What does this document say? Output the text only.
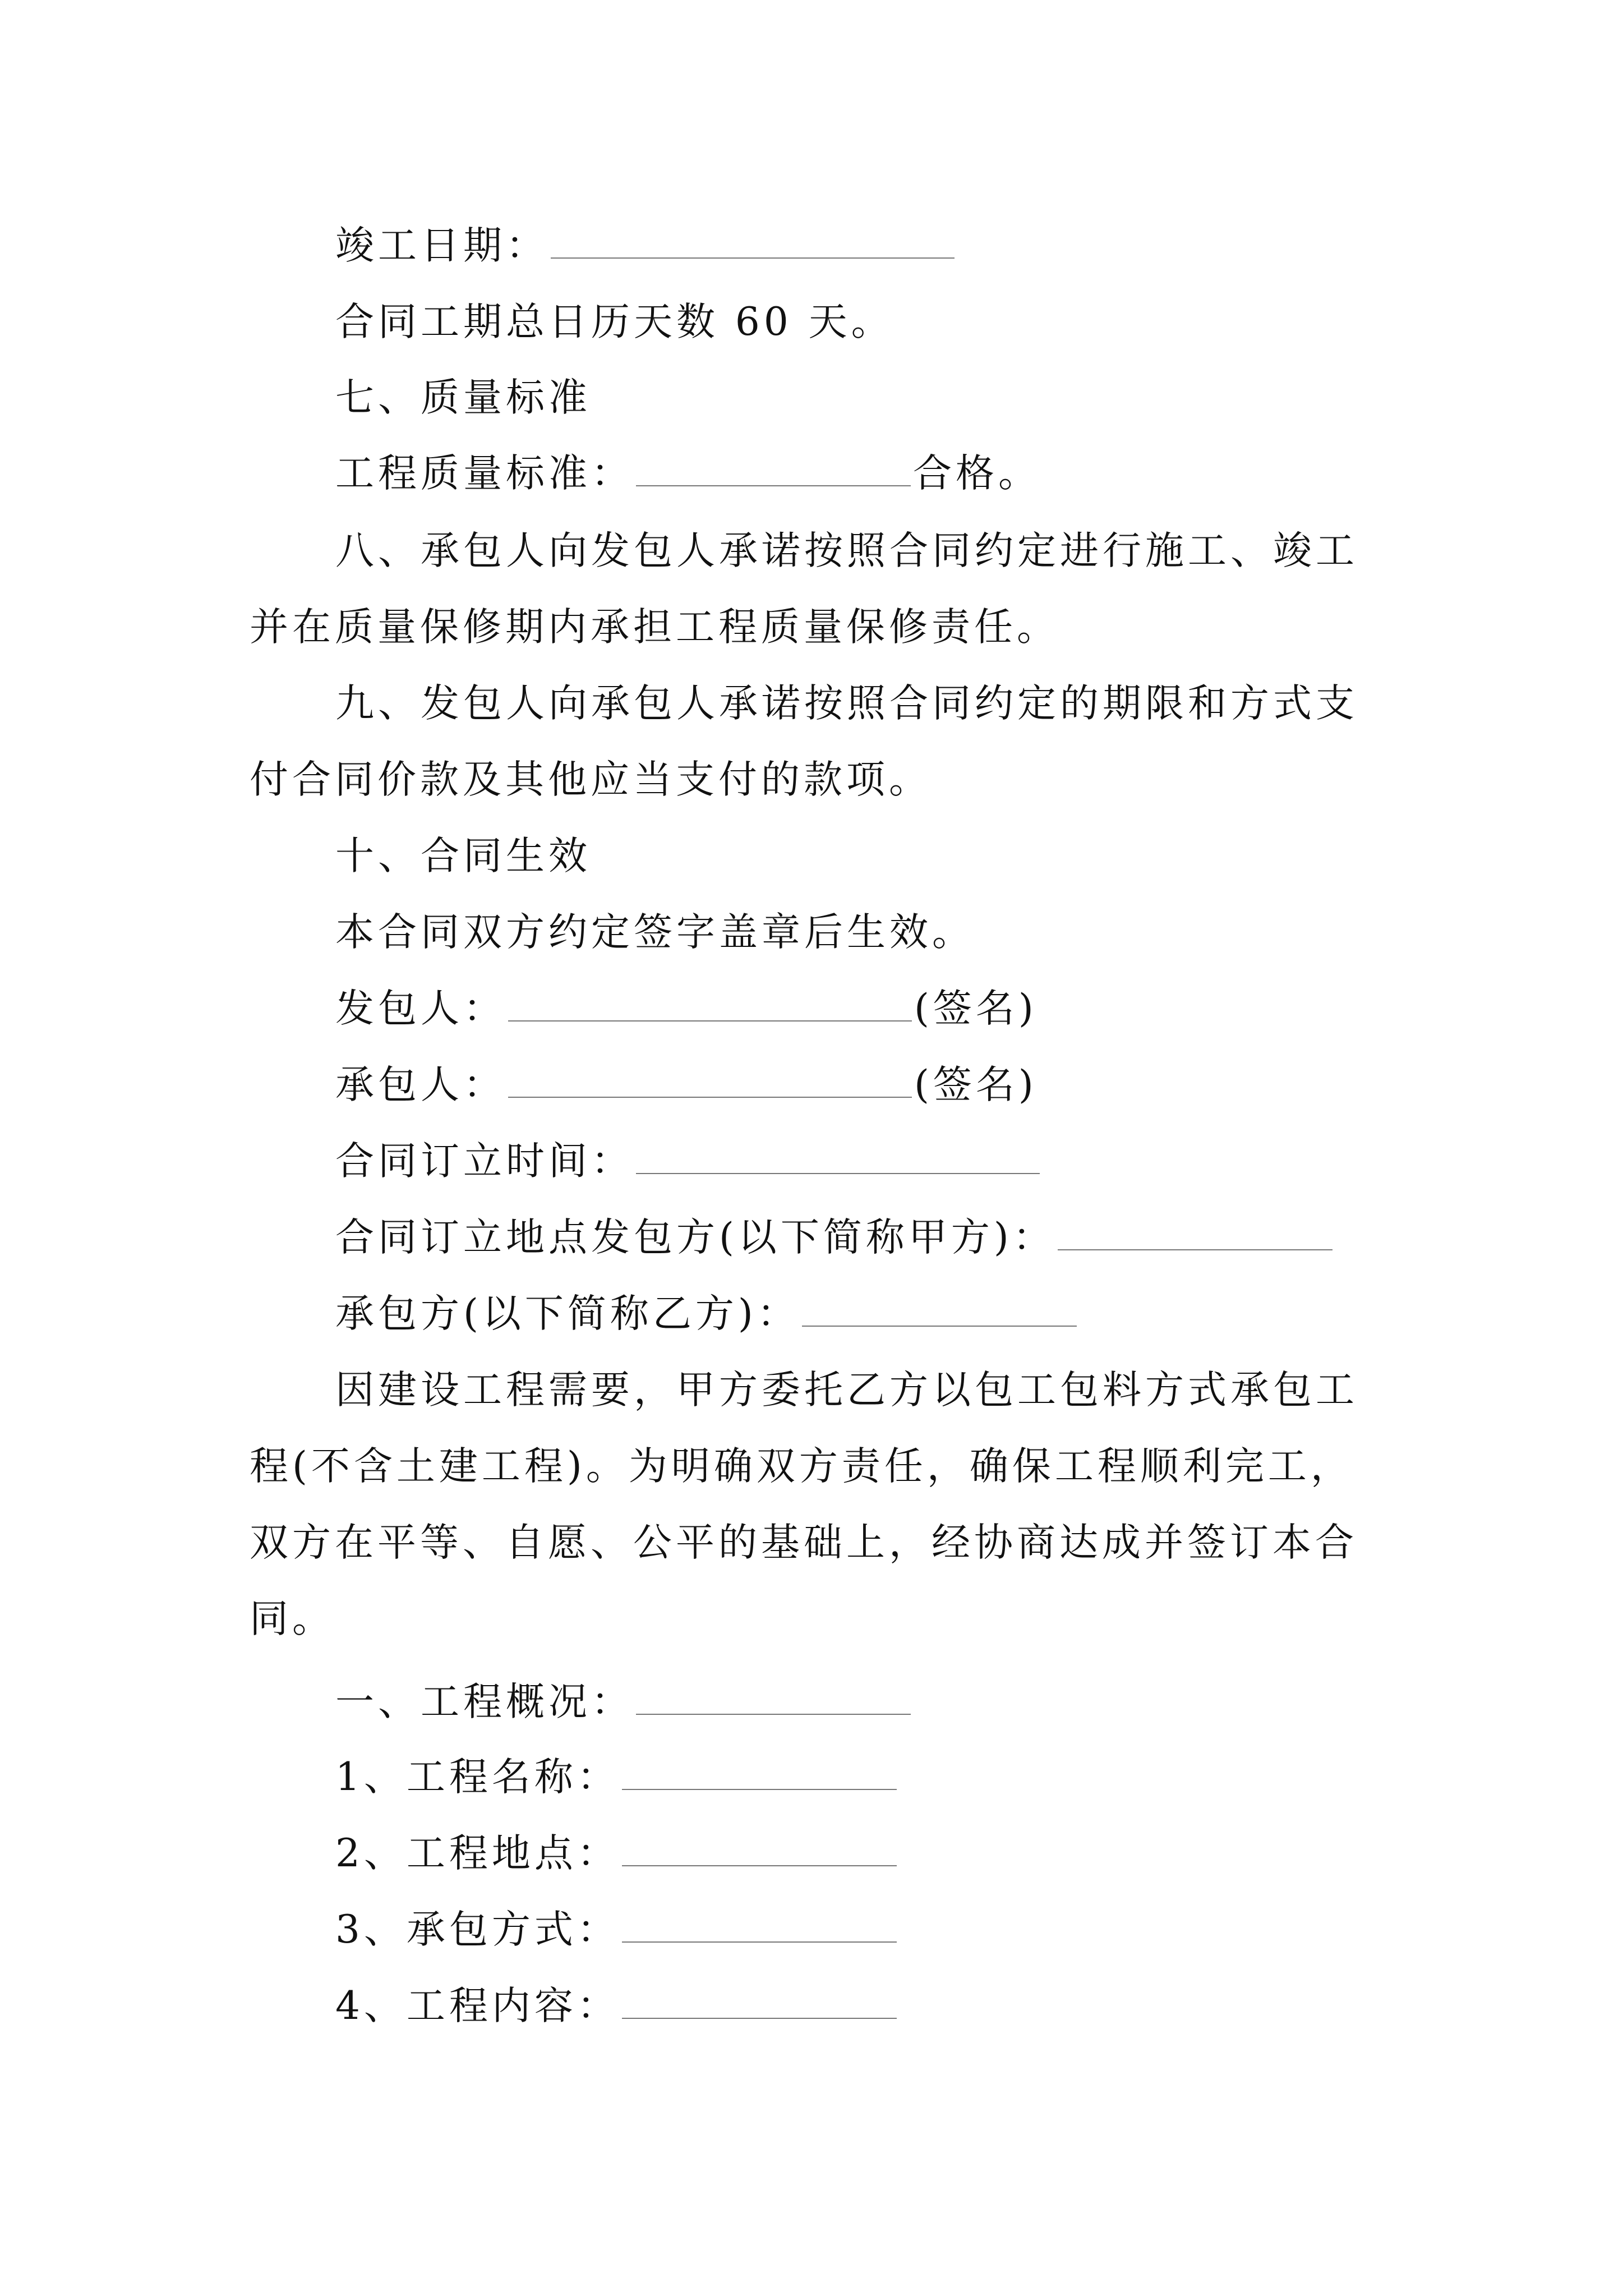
竣工日期：
合同工期总日历天数 60 天。
七、质量标准
工程质量标准：	合格。
八、承包人向发包人承诺按照合同约定进行施工、竣工
并在质量保修期内承担工程质量保修责任。
九、发包人向承包人承诺按照合同约定的期限和方式支
付合同价款及其他应当支付的款项。
十、合同生效
本合同双方约定签字盖章后生效。
发包人：	(签名)
承包人：	(签名)
合同订立时间：
合同订立地点发包方(以下简称甲方)：
承包方(以下简称乙方)：
因建设工程需要，甲方委托乙方以包工包料方式承包工
程(不含土建工程)。为明确双方责任，确保工程顺利完工，
双方在平等、自愿、公平的基础上，经协商达成并签订本合
同。
一、工程概况：
1、工程名称：
2、工程地点：
3、承包方式：
4、工程内容：
